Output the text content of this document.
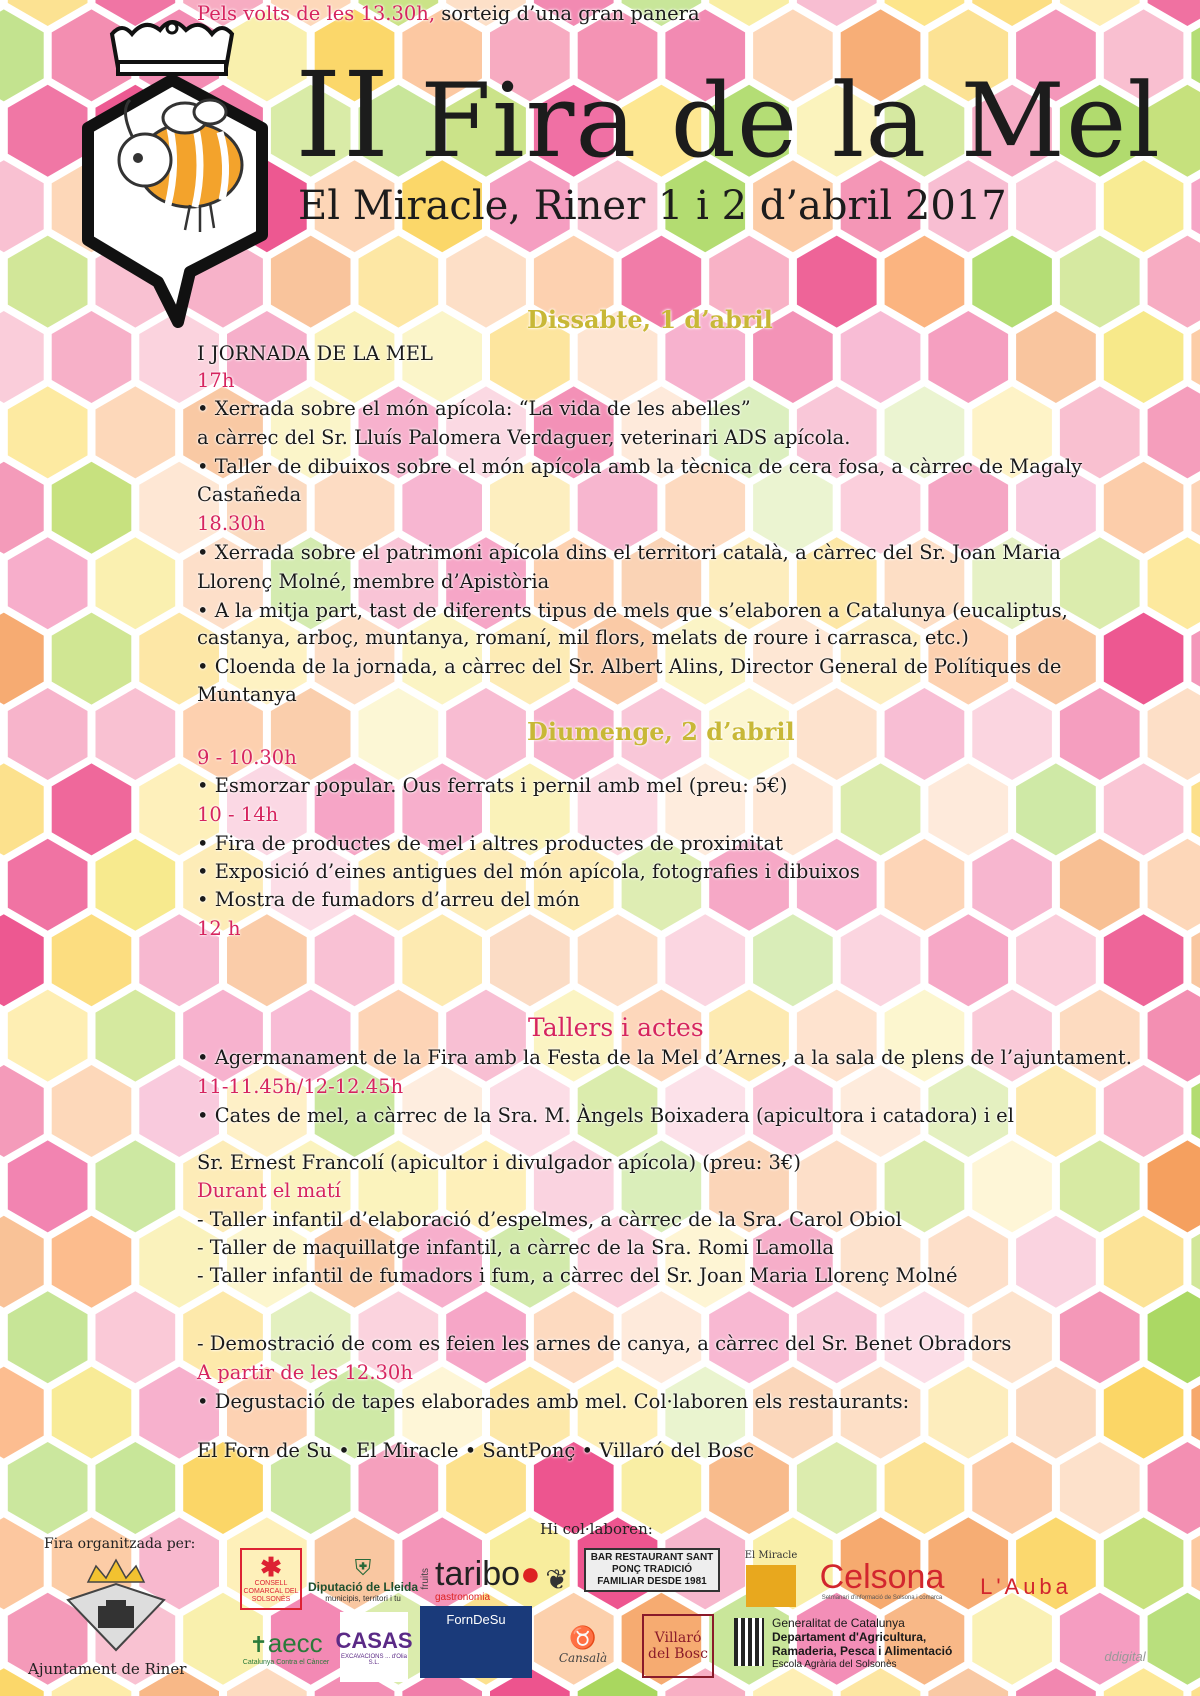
II Fira de la Mel
El Miracle, Riner 1 i 2 d’abril 2017
Dissabte, 1 d’abril
Diumenge, 2 d’abril
Tallers i actes
I JORNADA DE LA MEL
17h
• Xerrada sobre el món apícola: “La vida de les abelles”
a càrrec del Sr. Lluís Palomera Verdaguer, veterinari ADS apícola.
• Taller de dibuixos sobre el món apícola amb la tècnica de cera fosa, a càrrec de Magaly
Castañeda
18.30h
• Xerrada sobre el patrimoni apícola dins el territori català, a càrrec del Sr. Joan Maria
Llorenç Molné, membre d’Apistòria
• A la mitja part, tast de diferents tipus de mels que s’elaboren a Catalunya (eucaliptus,
castanya, arboç, muntanya, romaní, mil flors, melats de roure i carrasca, etc.)
• Cloenda de la jornada, a càrrec del Sr. Albert Alins, Director General de Polítiques de
Muntanya
9 - 10.30h
• Esmorzar popular. Ous ferrats i pernil amb mel (preu: 5€)
10 - 14h
• Fira de productes de mel i altres productes de proximitat
• Exposició d’eines antigues del món apícola, fotografies i dibuixos
• Mostra de fumadors d’arreu del món
12 h
• Agermanament de la Fira amb la Festa de la Mel d’Arnes, a la sala de plens de l’ajuntament.
11-11.45h/12-12.45h
• Cates de mel, a càrrec de la Sra. M. Àngels Boixadera (apicultora i catadora) i el
Sr. Ernest Francolí (apicultor i divulgador apícola) (preu: 3€)
Durant el matí
- Taller infantil d’elaboració d’espelmes, a càrrec de la Sra. Carol Obiol
- Taller de maquillatge infantil, a càrrec de la Sra. Romi Lamolla
- Taller infantil de fumadors i fum, a càrrec del Sr. Joan Maria Llorenç Molné
- Demostració de com es feien les arnes de canya, a càrrec del Sr. Benet Obradors
A partir de les 12.30h
• Degustació de tapes elaborades amb mel. Col·laboren els restaurants:
El Forn de Su • El Miracle • SantPonç • Villaró del Bosc
Pels volts de les 13.30h, sorteig d’una gran panera
Fira organitzada per:
Ajuntament de Riner
Hi col·laboren:
✱
CONSELL COMARCAL DEL SOLSONÈS
⛨
Diputació de Lleida
municipis, territori i tu
fruits taribo●
gastronomia
❦
BAR RESTAURANT SANT PONÇ TRADICIÓ FAMILIAR DESDE 1981
El Miracle
Celsona
Setmanari d'informació de Solsona i comarca	L'Auba
✝aecc
Catalunya Contra el Càncer
CASAS
EXCAVACIONS ... d'Olia S.L.
FornDeSu
♉
Cansalà
Villaró del Bosc
Generalitat de Catalunya
Departament d'Agricultura,
Ramaderia, Pesca i Alimentació
Escola Agrària del Solsonès
ddigital
